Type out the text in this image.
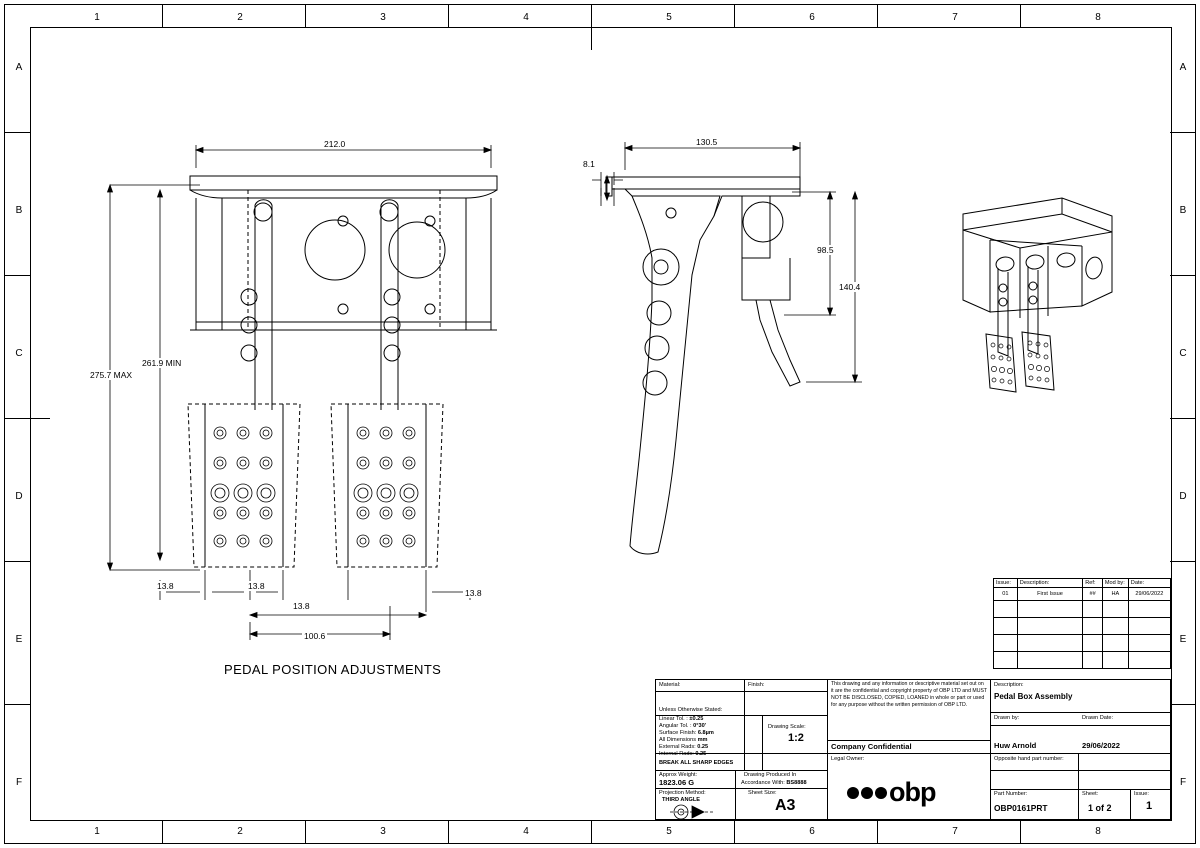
1	2	3	4	5	6	7	8
1	2	3	4	5	6	7	8
A
B
C
D
E
F
A
B
C
D
E
F
212.0
275.7 MAX
261.9 MIN
13.8	13.8
13.8
13.8
100.6
PEDAL POSITION ADJUSTMENTS
130.5
8.1
98.5
140.4
Issue:	Description:	Ref:	Mod by:	Date:
01	First Issue	##	HA	29/06/2022

Material:	Finish:
Unless Otherwise Stated:
Linear Tol. : ±0.25
Angular Tol. : 0°30'
Surface Finish: 6.8µm
All Dimensions mm
External Rads: 0.25
Internal Rads: 0.25
BREAK ALL SHARP EDGES
Drawing Scale:
1:2
Approx Weight:
1823.06 G
Drawing Produced In
Accordance With: BS8888
Projection Method:
THIRD ANGLE
Sheet Size:
A3
This drawing and any information or descriptive material set out on it are the confidential and copyright property of OBP LTD and MUST NOT BE DISCLOSED, COPIED, LOANED in whole or part or used for any purpose without the written permission of OBP LTD.
Company Confidential
Legal Owner:
obp
Description:
Pedal Box Assembly
Drawn by:
Huw Arnold
Drawn Date:
29/06/2022
Opposite hand part number:
Part Number:
OBP0161PRT
Sheet:
1 of 2
Issue:
1
